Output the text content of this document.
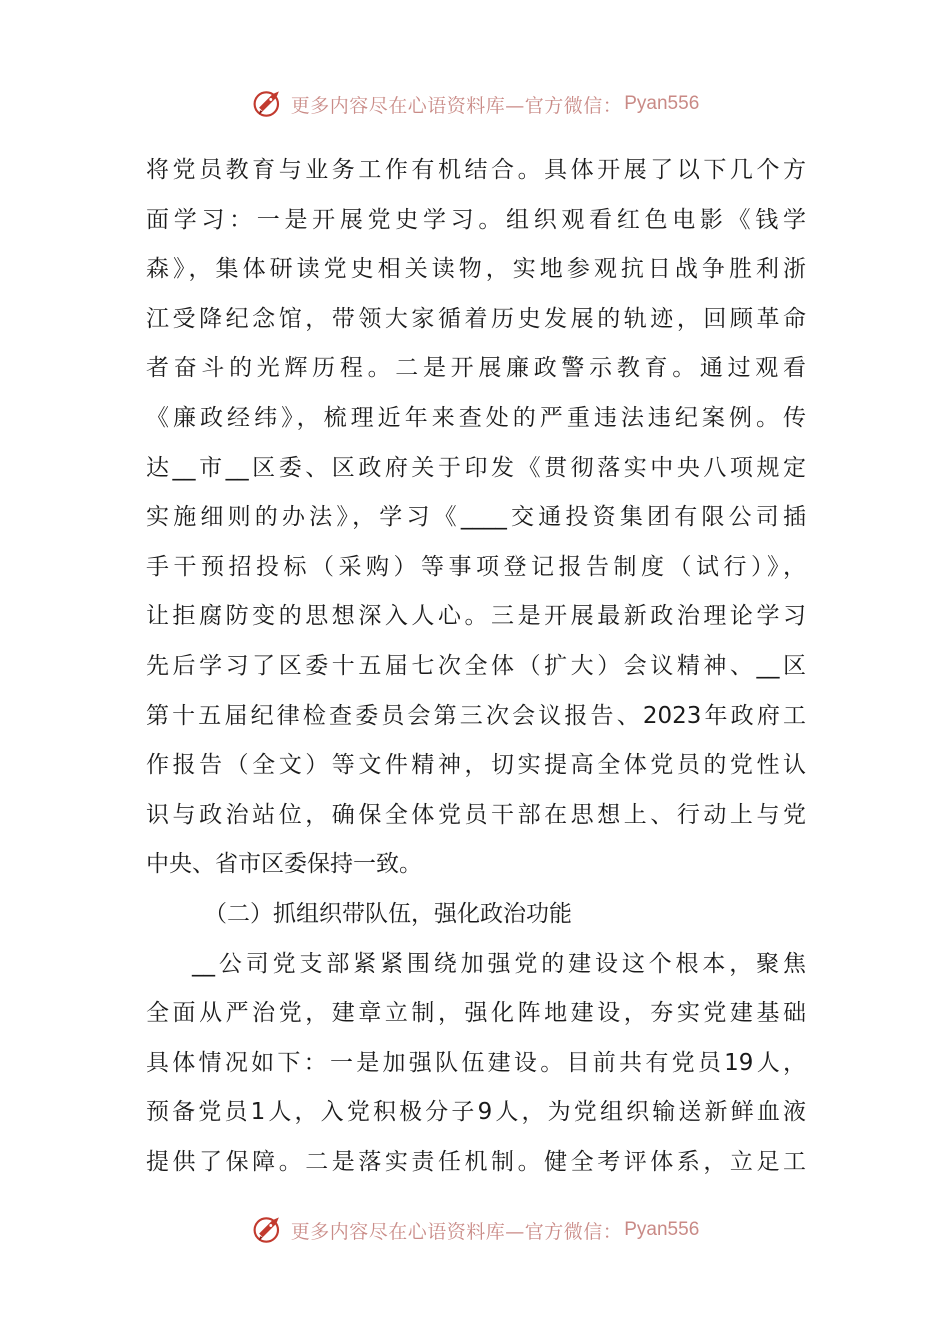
更多内容尽在心语资料库—官方微信： Pyan556
将党员教育与业务工作有机结合。具体开展了以下几个方
面学习：一是开展党史学习。组织观看红色电影《钱学
森》，集体研读党史相关读物，实地参观抗日战争胜利浙
江受降纪念馆，带领大家循着历史发展的轨迹，回顾革命
者奋斗的光辉历程。二是开展廉政警示教育。通过观看
《廉政经纬》，梳理近年来查处的严重违法违纪案例。传
达__市__区委、区政府关于印发《贯彻落实中央八项规定
实施细则的办法》，学习《____交通投资集团有限公司插
手干预招投标（采购）等事项登记报告制度（试行）》，
让拒腐防变的思想深入人心。三是开展最新政治理论学习
先后学习了区委十五届七次全体（扩大）会议精神、__区
第十五届纪律检查委员会第三次会议报告、2023年政府工
作报告（全文）等文件精神，切实提高全体党员的党性认
识与政治站位，确保全体党员干部在思想上、行动上与党
中央、省市区委保持一致。
（二）抓组织带队伍，强化政治功能
__公司党支部紧紧围绕加强党的建设这个根本，聚焦
全面从严治党，建章立制，强化阵地建设，夯实党建基础
具体情况如下：一是加强队伍建设。目前共有党员19人，
预备党员1人，入党积极分子9人，为党组织输送新鲜血液
提供了保障。二是落实责任机制。健全考评体系，立足工
更多内容尽在心语资料库—官方微信： Pyan556
